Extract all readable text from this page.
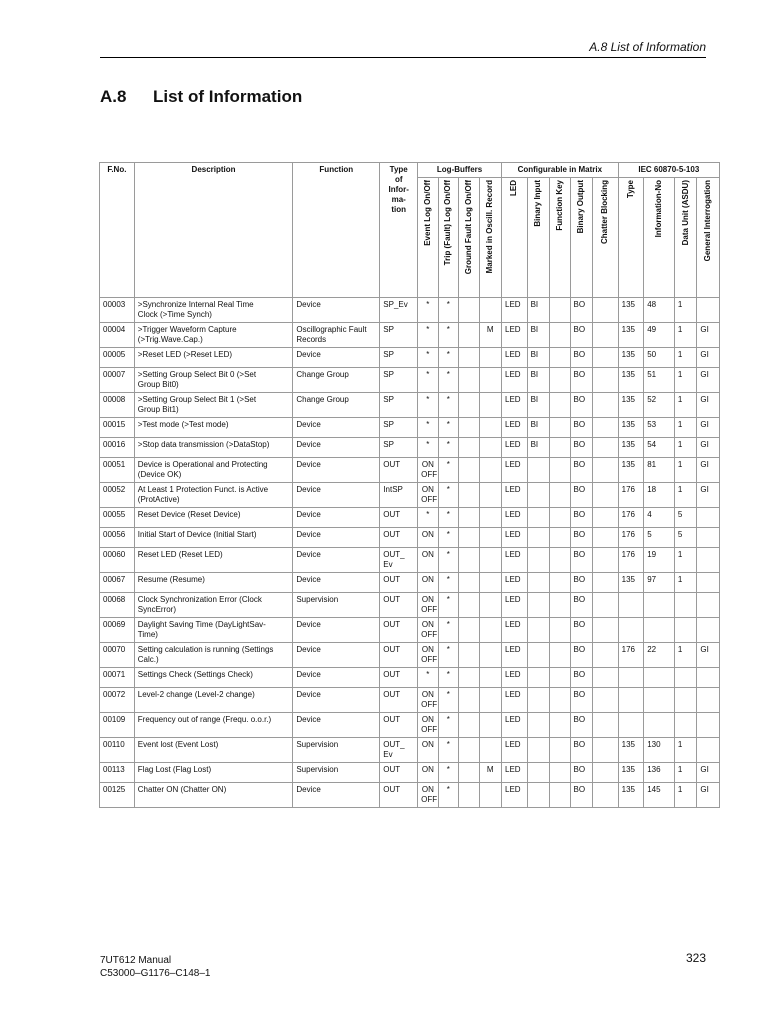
A.8 List of Information
A.8 List of Information
F.No.	Description	Function	Type
of
Infor-
ma-
tion	Log-Buffers				Configurable in Matrix					IEC 60870-5-103			
				Event Log On/Off	Trip (Fault) Log On/Off	Ground Fault Log On/Off	Marked in Oscill. Record	LED	Binary Input	Function Key	Binary Output	Chatter Blocking	Type	Information-No	Data Unit (ASDU)	General Interrogation
00003	>Synchronize Internal Real Time
Clock (>Time Synch)	Device	SP_Ev	*	*			LED	BI		BO		135	48	1	
00004	>Trigger Waveform Capture
(>Trig.Wave.Cap.)	Oscillographic Fault
Records	SP	*	*		M	LED	BI		BO		135	49	1	GI
00005	>Reset LED (>Reset LED)	Device	SP	*	*			LED	BI		BO		135	50	1	GI
00007	>Setting Group Select Bit 0 (>Set
Group Bit0)	Change Group	SP	*	*			LED	BI		BO		135	51	1	GI
00008	>Setting Group Select Bit 1 (>Set
Group Bit1)	Change Group	SP	*	*			LED	BI		BO		135	52	1	GI
00015	>Test mode (>Test mode)	Device	SP	*	*			LED	BI		BO		135	53	1	GI
00016	>Stop data transmission (>DataStop)	Device	SP	*	*			LED	BI		BO		135	54	1	GI
00051	Device is Operational and Protecting
(Device OK)	Device	OUT	ON
OFF	*			LED			BO		135	81	1	GI
00052	At Least 1 Protection Funct. is Active
(ProtActive)	Device	IntSP	ON
OFF	*			LED			BO		176	18	1	GI
00055	Reset Device (Reset Device)	Device	OUT	*	*			LED			BO		176	4	5	
00056	Initial Start of Device (Initial Start)	Device	OUT	ON	*			LED			BO		176	5	5	
00060	Reset LED (Reset LED)	Device	OUT_
Ev	ON	*			LED			BO		176	19	1	
00067	Resume (Resume)	Device	OUT	ON	*			LED			BO		135	97	1	
00068	Clock Synchronization Error (Clock
SyncError)	Supervision	OUT	ON
OFF	*			LED			BO					
00069	Daylight Saving Time (DayLightSav-
Time)	Device	OUT	ON
OFF	*			LED			BO					
00070	Setting calculation is running (Settings
Calc.)	Device	OUT	ON
OFF	*			LED			BO		176	22	1	GI
00071	Settings Check (Settings Check)	Device	OUT	*	*			LED			BO					
00072	Level-2 change (Level-2 change)	Device	OUT	ON
OFF	*			LED			BO					
00109	Frequency out of range (Frequ. o.o.r.)	Device	OUT	ON
OFF	*			LED			BO					
00110	Event lost (Event Lost)	Supervision	OUT_
Ev	ON	*			LED			BO		135	130	1	
00113	Flag Lost (Flag Lost)	Supervision	OUT	ON	*		M	LED			BO		135	136	1	GI
00125	Chatter ON (Chatter ON)	Device	OUT	ON
OFF	*			LED			BO		135	145	1	GI
7UT612 Manual
C53000–G1176–C148–1
323
